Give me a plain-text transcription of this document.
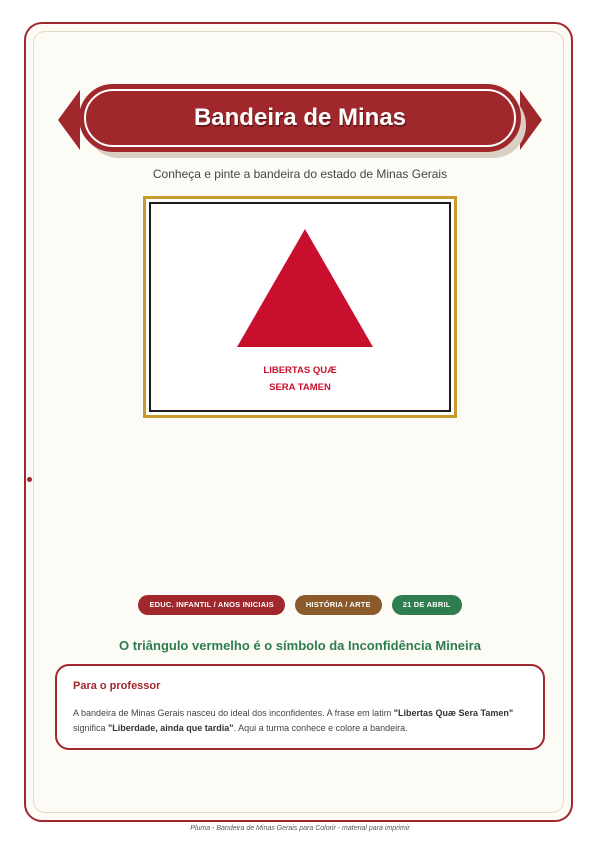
Bandeira de Minas
Conheça e pinte a bandeira do estado de Minas Gerais
LIBERTAS QUÆ
SERA TAMEN
EDUC. INFANTIL / ANOS INICIAIS	HISTÓRIA / ARTE	21 DE ABRIL
O triângulo vermelho é o símbolo da Inconfidência Mineira
Para o professor
A bandeira de Minas Gerais nasceu do ideal dos inconfidentes. A frase em latim "Libertas Quæ Sera Tamen" significa "Liberdade, ainda que tardia". Aqui a turma conhece e colore a bandeira.
Pluma - Bandeira de Minas Gerais para Colorir - material para imprimir
